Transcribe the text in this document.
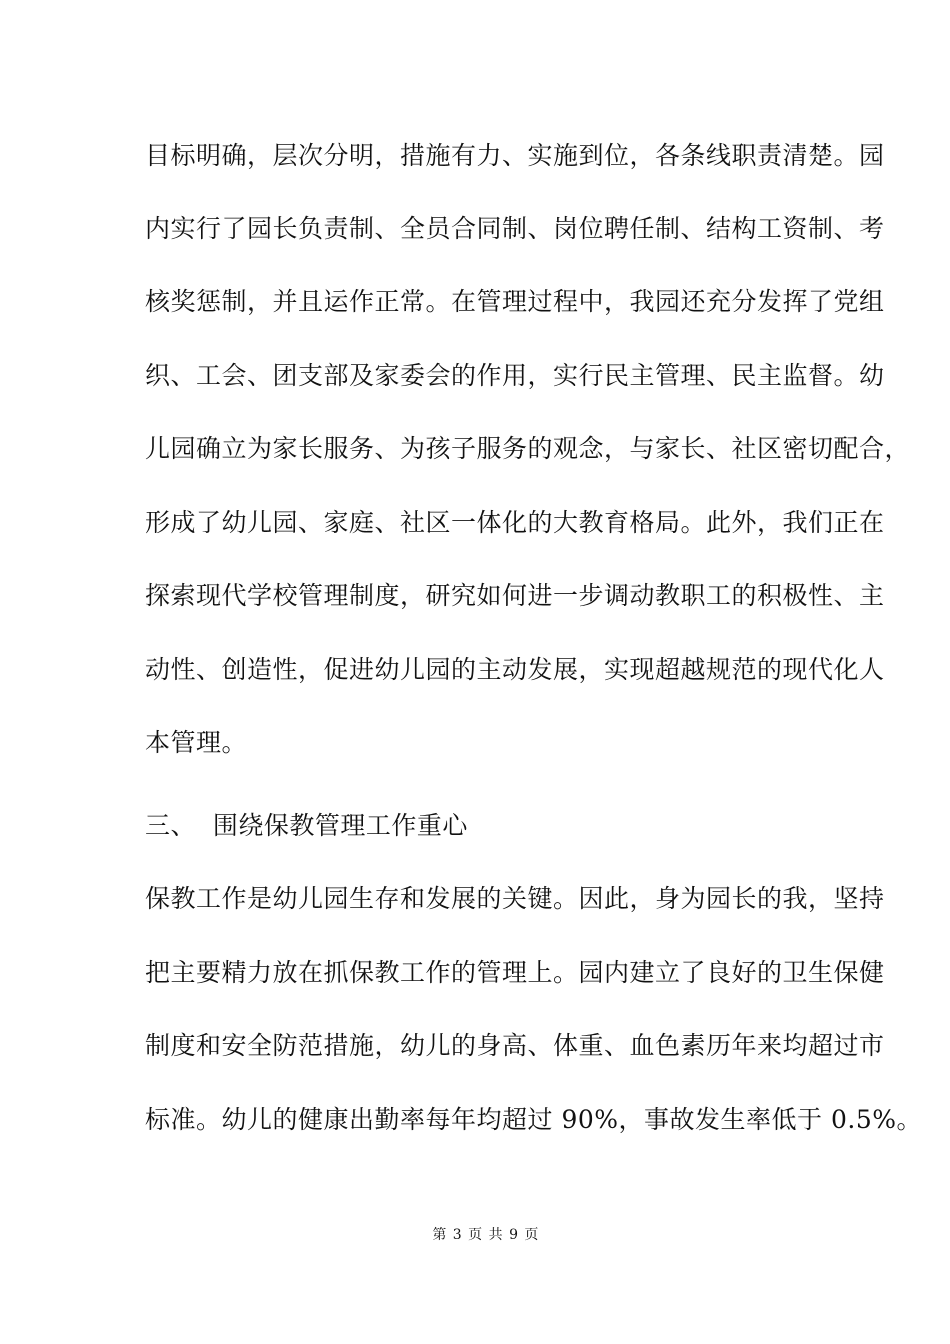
目标明确，层次分明，措施有力、实施到位，各条线职责清楚。园
内实行了园长负责制、全员合同制、岗位聘任制、结构工资制、考
核奖惩制，并且运作正常。在管理过程中，我园还充分发挥了党组
织、工会、团支部及家委会的作用，实行民主管理、民主监督。幼
儿园确立为家长服务、为孩子服务的观念，与家长、社区密切配合，
形成了幼儿园、家庭、社区一体化的大教育格局。此外，我们正在
探索现代学校管理制度，研究如何进一步调动教职工的积极性、主
动性、创造性，促进幼儿园的主动发展，实现超越规范的现代化人
本管理。
三、  围绕保教管理工作重心
保教工作是幼儿园生存和发展的关键。因此，身为园长的我，坚持
把主要精力放在抓保教工作的管理上。园内建立了良好的卫生保健
制度和安全防范措施，幼儿的身高、体重、血色素历年来均超过市
标准。幼儿的健康出勤率每年均超过 90%，事故发生率低于 0.5%。

第 3 页 共 9 页
